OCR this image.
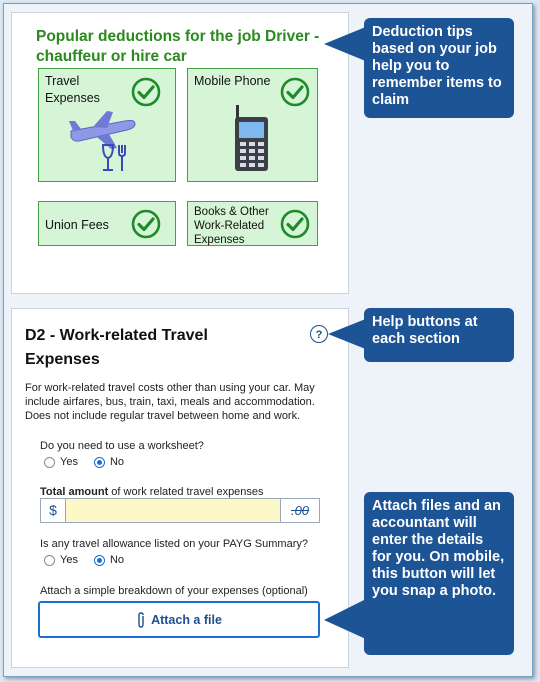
Popular deductions for the job Driver - chauffeur or hire car
Travel Expenses
Mobile Phone
Union Fees
Books & Other Work-Related Expenses
D2 - Work-related Travel Expenses
?
For work-related travel costs other than using your car. May include airfares, bus, train, taxi, meals and accommodation. Does not include regular travel between home and work.
Do you need to use a worksheet?
Yes	No
Total amount of work related travel expenses
$	.00
Is any travel allowance listed on your PAYG Summary?
Yes	No
Attach a simple breakdown of your expenses (optional)
Attach a file
Deduction tips based on your job help you to remember items to claim
Help buttons at each section
Attach files and an accountant will enter the details for you. On mobile, this button will let you snap a photo.
